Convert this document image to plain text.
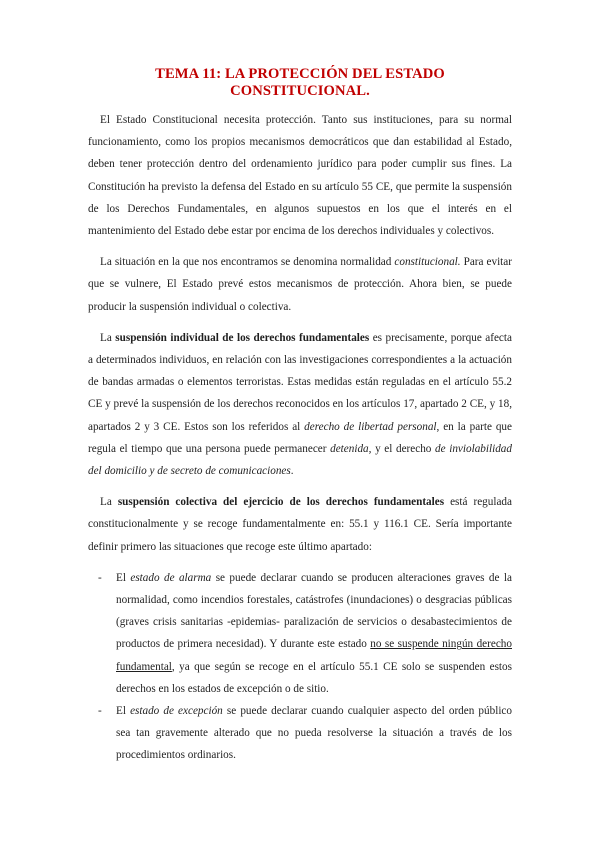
TEMA 11: LA PROTECCIÓN DEL ESTADO CONSTITUCIONAL.

El Estado Constitucional necesita protección. Tanto sus instituciones, para su normal funcionamiento, como los propios mecanismos democráticos que dan estabilidad al Estado, deben tener protección dentro del ordenamiento jurídico para poder cumplir sus fines. La Constitución ha previsto la defensa del Estado en su artículo 55 CE, que permite la suspensión de los Derechos Fundamentales, en algunos supuestos en los que el interés en el mantenimiento del Estado debe estar por encima de los derechos individuales y colectivos.

La situación en la que nos encontramos se denomina normalidad constitucional. Para evitar que se vulnere, El Estado prevé estos mecanismos de protección. Ahora bien, se puede producir la suspensión individual o colectiva.

La suspensión individual de los derechos fundamentales es precisamente, porque afecta a determinados individuos, en relación con las investigaciones correspondientes a la actuación de bandas armadas o elementos terroristas. Estas medidas están reguladas en el artículo 55.2 CE y prevé la suspensión de los derechos reconocidos en los artículos 17, apartado 2 CE, y 18, apartados 2 y 3 CE. Estos son los referidos al derecho de libertad personal, en la parte que regula el tiempo que una persona puede permanecer detenida, y el derecho de inviolabilidad del domicilio y de secreto de comunicaciones.

La suspensión colectiva del ejercicio de los derechos fundamentales está regulada constitucionalmente y se recoge fundamentalmente en: 55.1 y 116.1 CE. Sería importante definir primero las situaciones que recoge este último apartado:

- El estado de alarma se puede declarar cuando se producen alteraciones graves de la normalidad, como incendios forestales, catástrofes (inundaciones) o desgracias públicas (graves crisis sanitarias -epidemias- paralización de servicios o desabastecimientos de productos de primera necesidad). Y durante este estado no se suspende ningún derecho fundamental, ya que según se recoge en el artículo 55.1 CE solo se suspenden estos derechos en los estados de excepción o de sitio.
- El estado de excepción se puede declarar cuando cualquier aspecto del orden público sea tan gravemente alterado que no pueda resolverse la situación a través de los procedimientos ordinarios.
